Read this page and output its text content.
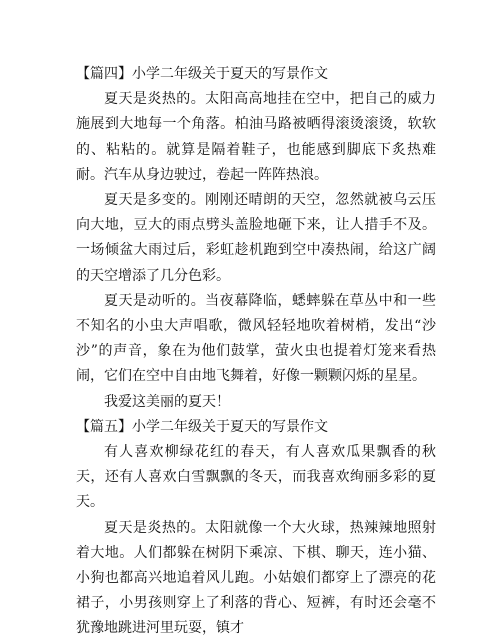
【篇四】小学二年级关于夏天的写景作文

夏天是炎热的。太阳高高地挂在空中，把自己的威力施展到大地每一个角落。柏油马路被晒得滚烫滚烫，软软的、粘粘的。就算是隔着鞋子，也能感到脚底下炙热难耐。汽车从身边驶过，卷起一阵阵热浪。

夏天是多变的。刚刚还晴朗的天空，忽然就被乌云压向大地，豆大的雨点劈头盖脸地砸下来，让人措手不及。一场倾盆大雨过后，彩虹趁机跑到空中凑热闹，给这广阔的天空增添了几分色彩。

夏天是动听的。当夜幕降临，蟋蟀躲在草丛中和一些不知名的小虫大声唱歌，微风轻轻地吹着树梢，发出“沙沙”的声音，象在为他们鼓掌，萤火虫也提着灯笼来看热闹，它们在空中自由地飞舞着，好像一颗颗闪烁的星星。

我爱这美丽的夏天！

【篇五】小学二年级关于夏天的写景作文

有人喜欢柳绿花红的春天，有人喜欢瓜果飘香的秋天，还有人喜欢白雪飘飘的冬天，而我喜欢绚丽多彩的夏天。

夏天是炎热的。太阳就像一个大火球，热辣辣地照射着大地。人们都躲在树阴下乘凉、下棋、聊天，连小猫、小狗也都高兴地追着风儿跑。小姑娘们都穿上了漂亮的花裙子，小男孩则穿上了利落的背心、短裤，有时还会毫不犹豫地跳进河里玩耍，镇才
